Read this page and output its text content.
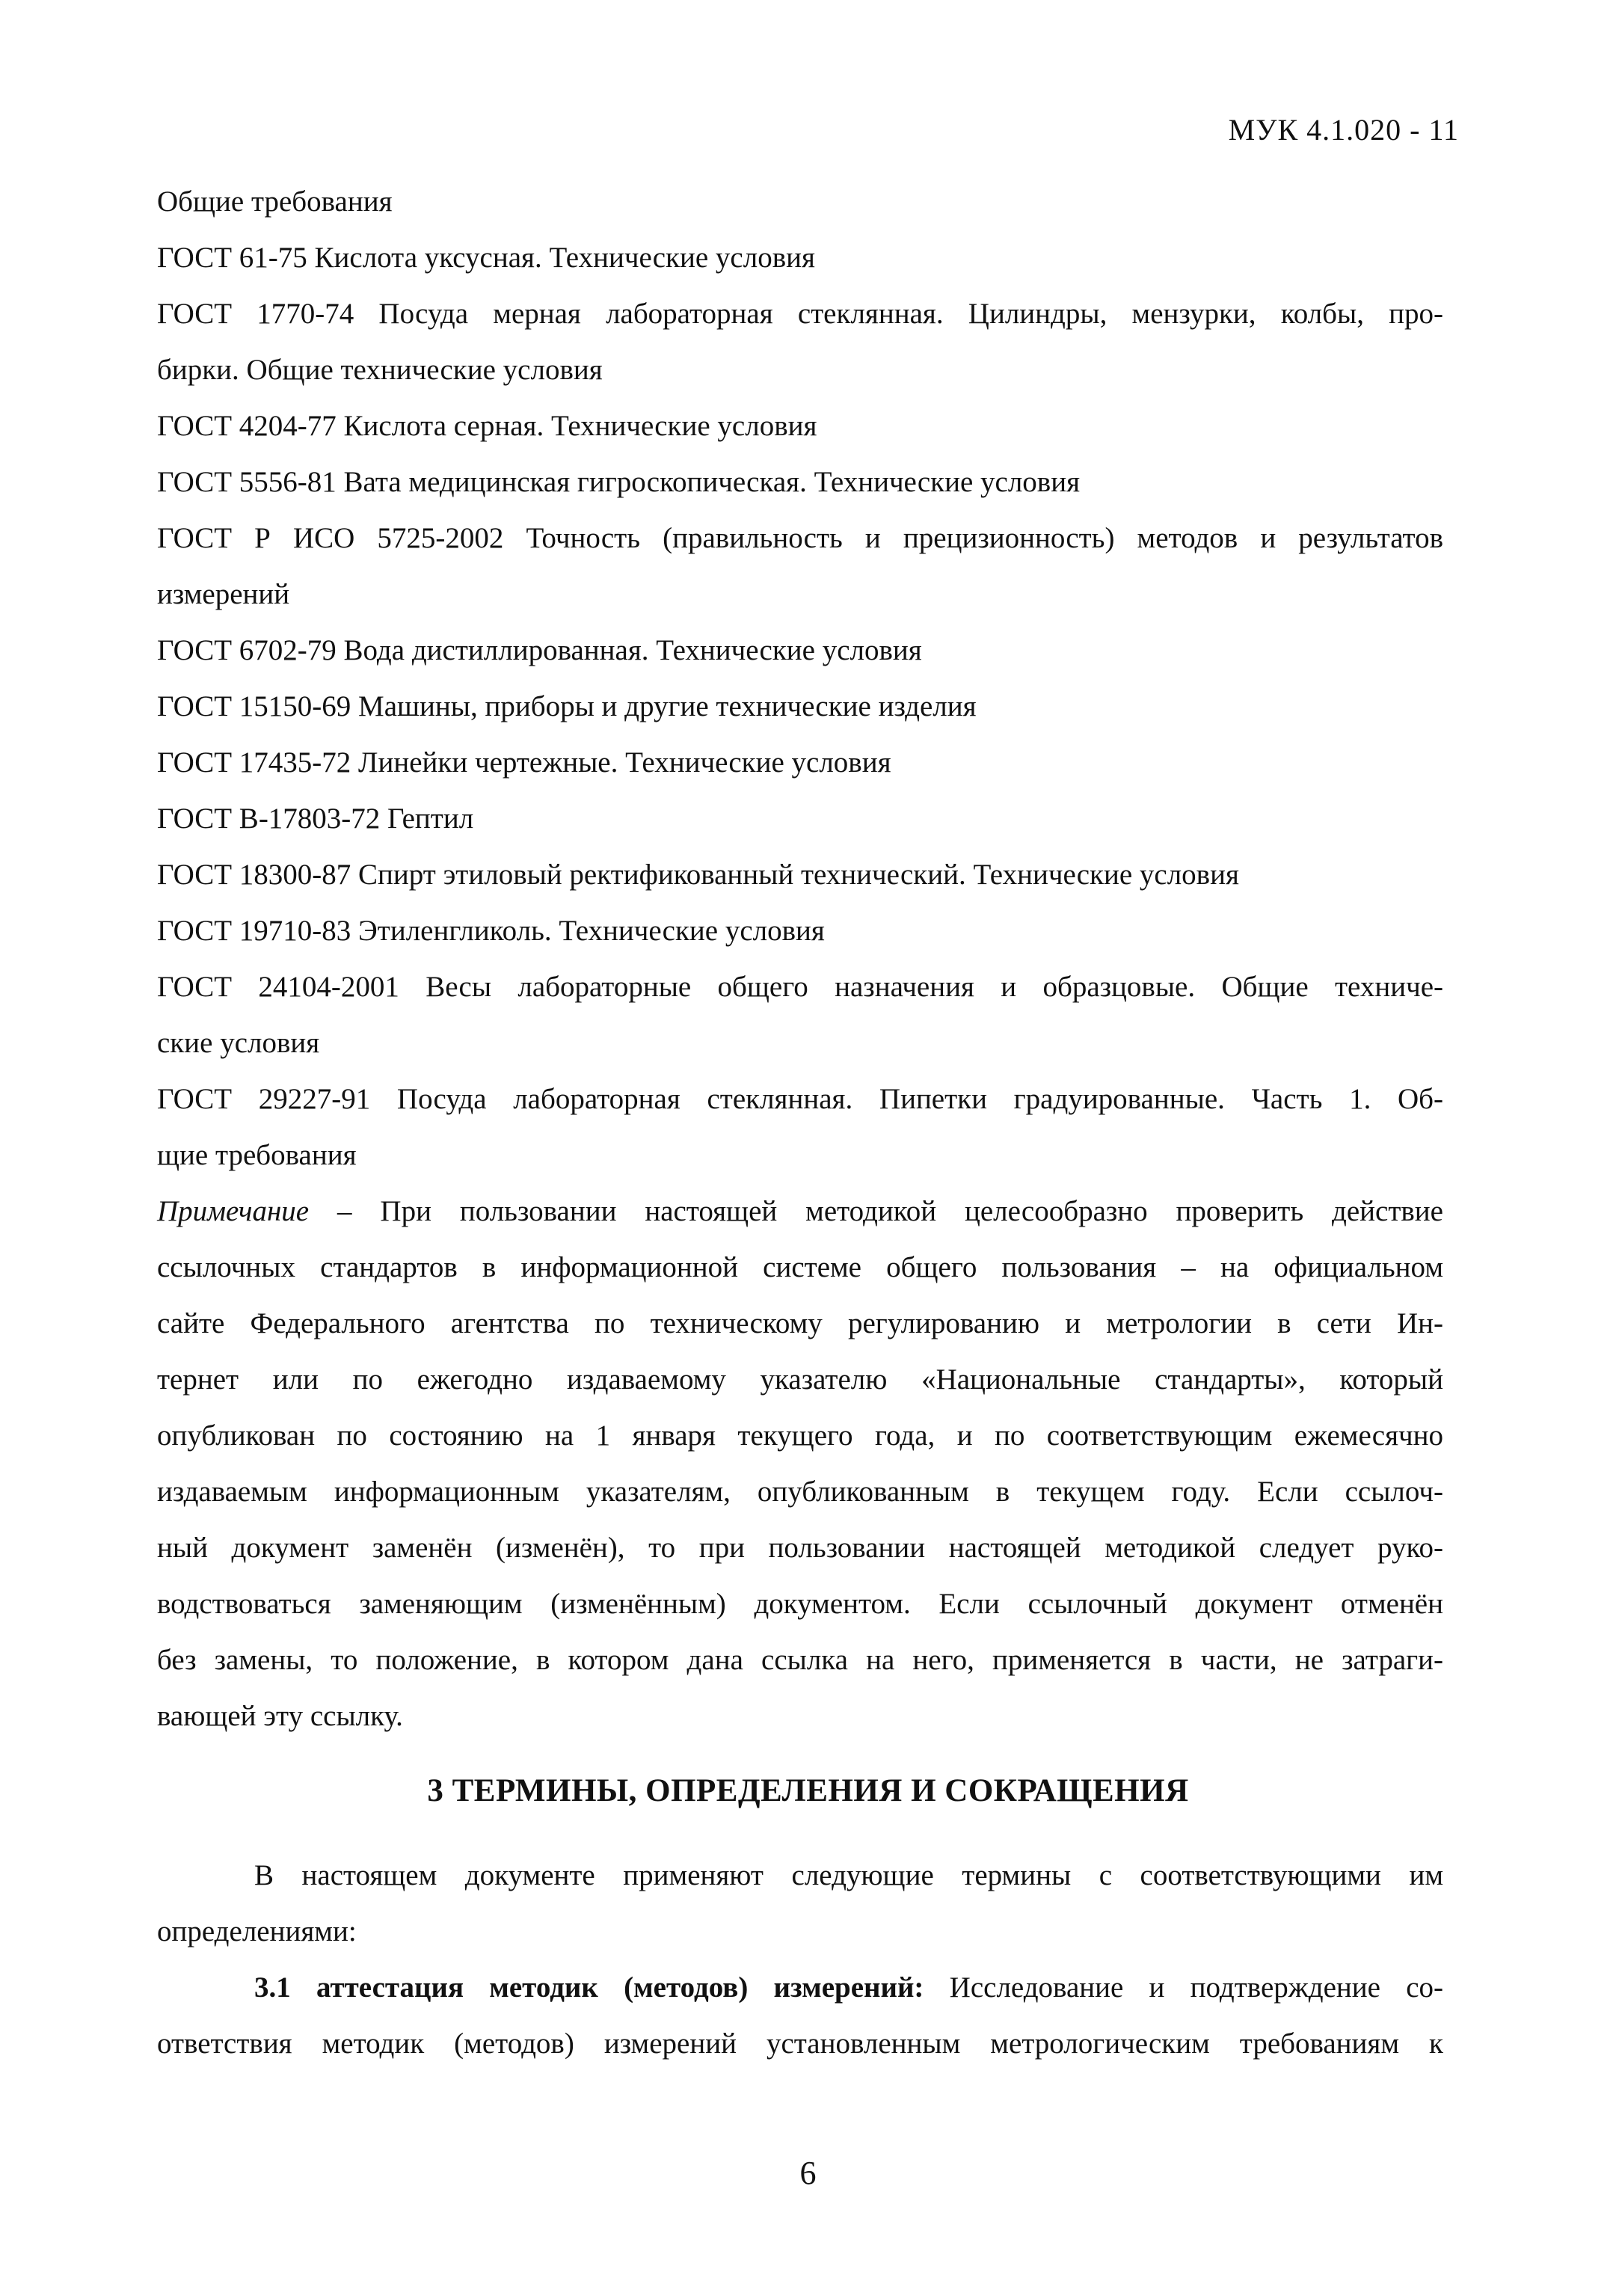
МУК 4.1.020 - 11

Общие требования

ГОСТ 61-75 Кислота уксусная. Технические условия

ГОСТ 1770-74 Посуда мерная лабораторная стеклянная. Цилиндры, мензурки, колбы, про-

бирки. Общие технические условия

ГОСТ 4204-77 Кислота серная. Технические условия

ГОСТ 5556-81 Вата медицинская гигроскопическая. Технические условия

ГОСТ Р ИСО 5725-2002 Точность (правильность и прецизионность) методов и результатов

измерений

ГОСТ 6702-79 Вода дистиллированная. Технические условия

ГОСТ 15150-69 Машины, приборы и другие технические изделия

ГОСТ 17435-72 Линейки чертежные. Технические условия

ГОСТ В-17803-72 Гептил

ГОСТ 18300-87 Спирт этиловый ректификованный технический. Технические условия

ГОСТ 19710-83 Этиленгликоль. Технические условия

ГОСТ 24104-2001 Весы лабораторные общего назначения и образцовые. Общие техниче-

ские условия

ГОСТ 29227-91 Посуда лабораторная стеклянная. Пипетки градуированные. Часть 1. Об-

щие требования

Примечание – При пользовании настоящей методикой целесообразно проверить действие

ссылочных стандартов в информационной системе общего пользования – на официальном

сайте Федерального агентства по техническому регулированию и метрологии в сети Ин-

тернет или по ежегодно издаваемому указателю «Национальные стандарты», который

опубликован по состоянию на 1 января текущего года, и по соответствующим ежемесячно

издаваемым информационным указателям, опубликованным в текущем году. Если ссылоч-

ный документ заменён (изменён), то при пользовании настоящей методикой следует руко-

водствоваться заменяющим (изменённым) документом. Если ссылочный документ отменён

без замены, то положение, в котором дана ссылка на него, применяется в части, не затраги-

вающей эту ссылку.

3 ТЕРМИНЫ, ОПРЕДЕЛЕНИЯ И СОКРАЩЕНИЯ

В настоящем документе применяют следующие термины с соответствующими им

определениями:

3.1 аттестация методик (методов) измерений: Исследование и подтверждение со-

ответствия методик (методов) измерений установленным метрологическим требованиям к

6
